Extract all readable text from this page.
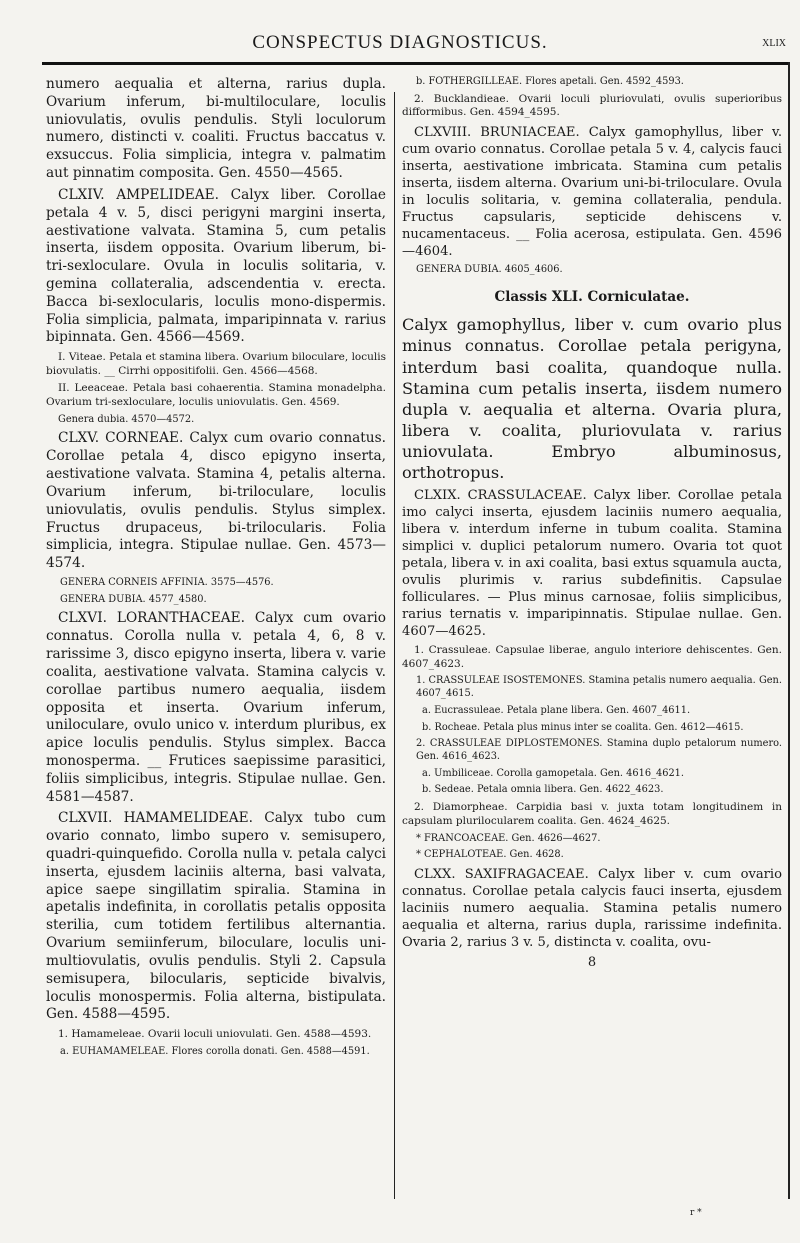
CONSPECTUS DIAGNOSTICUS.	XLIX

numero aequalia et alterna, rarius dupla. Ovarium inferum, bi-multiloculare, loculis uniovulatis, ovulis pendulis. Styli loculorum numero, distincti v. coaliti. Fructus baccatus v. exsuccus. Folia simplicia, integra v. palmatim aut pinnatim composita. Gen. 4550—4565.

CLXIV. AMPELIDEAE. Calyx liber. Corollae petala 4 v. 5, disci perigyni margini inserta, aestivatione valvata. Stamina 5, cum petalis inserta, iisdem opposita. Ovarium liberum, bi-tri-sexloculare. Ovula in loculis solitaria, v. gemina collateralia, adscendentia v. erecta. Bacca bi-sexlocularis, loculis mono-dispermis. Folia simplicia, palmata, imparipinnata v. rarius bipinnata. Gen. 4566—4569.

I. Viteae. Petala et stamina libera. Ovarium biloculare, loculis biovulatis. __ Cirrhi oppositifolii. Gen. 4566—4568.

II. Leeaceae. Petala basi cohaerentia. Stamina monadelpha. Ovarium tri-sexloculare, loculis uniovulatis. Gen. 4569.

Genera dubia. 4570—4572.

CLXV. CORNEAE. Calyx cum ovario connatus. Corollae petala 4, disco epigyno inserta, aestivatione valvata. Stamina 4, petalis alterna. Ovarium inferum, bi-triloculare, loculis uniovulatis, ovulis pendulis. Stylus simplex. Fructus drupaceus, bi-trilocularis. Folia simplicia, integra. Stipulae nullae. Gen. 4573—4574.

GENERA CORNEIS AFFINIA. 3575—4576.

GENERA DUBIA. 4577_4580.

CLXVI. LORANTHACEAE. Calyx cum ovario connatus. Corolla nulla v. petala 4, 6, 8 v. rarissime 3, disco epigyno inserta, libera v. varie coalita, aestivatione valvata. Stamina calycis v. corollae partibus numero aequalia, iisdem opposita et inserta. Ovarium inferum, uniloculare, ovulo unico v. interdum pluribus, ex apice loculis pendulis. Stylus simplex. Bacca monosperma. __ Frutices saepissime parasitici, foliis simplicibus, integris. Stipulae nullae. Gen. 4581—4587.

CLXVII. HAMAMELIDEAE. Calyx tubo cum ovario connato, limbo supero v. semisupero, quadri-quinquefido. Corolla nulla v. petala calyci inserta, ejusdem laciniis alterna, basi valvata, apice saepe singillatim spiralia. Stamina in apetalis indefinita, in corollatis petalis opposita sterilia, cum totidem fertilibus alternantia. Ovarium semiinferum, biloculare, loculis uni-multiovulatis, ovulis pendulis. Styli 2. Capsula semisupera, bilocularis, septicide bivalvis, loculis monospermis. Folia alterna, bistipulata. Gen. 4588—4595.

1. Hamameleae. Ovarii loculi uniovulati. Gen. 4588—4593.

a. EUHAMAMELEAE. Flores corolla donati. Gen. 4588—4591.

b. FOTHERGILLEAE. Flores apetali. Gen. 4592_4593.

2. Bucklandieae. Ovarii loculi pluriovulati, ovulis superioribus difformibus. Gen. 4594_4595.

CLXVIII. BRUNIACEAE. Calyx gamophyllus, liber v. cum ovario connatus. Corollae petala 5 v. 4, calycis fauci inserta, aestivatione imbricata. Stamina cum petalis inserta, iisdem alterna. Ovarium uni-bi-triloculare. Ovula in loculis solitaria, v. gemina collateralia, pendula. Fructus capsularis, septicide dehiscens v. nucamentaceus. __ Folia acerosa, estipulata. Gen. 4596—4604.

GENERA DUBIA. 4605_4606.

Classis XLI. Corniculatae.

Calyx gamophyllus, liber v. cum ovario plus minus connatus. Corollae petala perigyna, interdum basi coalita, quandoque nulla. Stamina cum petalis inserta, iisdem numero dupla v. aequalia et alterna. Ovaria plura, libera v. coalita, pluriovulata v. rarius uniovulata. Embryo albuminosus, orthotropus.

CLXIX. CRASSULACEAE. Calyx liber. Corollae petala imo calyci inserta, ejusdem laciniis numero aequalia, libera v. interdum inferne in tubum coalita. Stamina simplici v. duplici petalorum numero. Ovaria tot quot petala, libera v. in axi coalita, basi extus squamula aucta, ovulis plurimis v. rarius subdefinitis. Capsulae folliculares. — Plus minus carnosae, foliis simplicibus, rarius ternatis v. imparipinnatis. Stipulae nullae. Gen. 4607—4625.

1. Crassuleae. Capsulae liberae, angulo interiore dehiscentes. Gen. 4607_4623.

1. CRASSULEAE ISOSTEMONES. Stamina petalis numero aequalia. Gen. 4607_4615.

a. Eucrassuleae. Petala plane libera. Gen. 4607_4611.

b. Rocheae. Petala plus minus inter se coalita. Gen. 4612—4615.

2. CRASSULEAE DIPLOSTEMONES. Stamina duplo petalorum numero. Gen. 4616_4623.

a. Umbiliceae. Corolla gamopetala. Gen. 4616_4621.

b. Sedeae. Petala omnia libera. Gen. 4622_4623.

2. Diamorpheae. Carpidia basi v. juxta totam longitudinem in capsulam plurilocularem coalita. Gen. 4624_4625.

* FRANCOACEAE. Gen. 4626—4627.

* CEPHALOTEAE. Gen. 4628.

CLXX. SAXIFRAGACEAE. Calyx liber v. cum ovario connatus. Corollae petala calycis fauci inserta, ejusdem laciniis numero aequalia. Stamina petalis numero aequalia et alterna, rarius dupla, rarissime indefinita. Ovaria 2, rarius 3 v. 5, distincta v. coalita, ovu-

8
r *
